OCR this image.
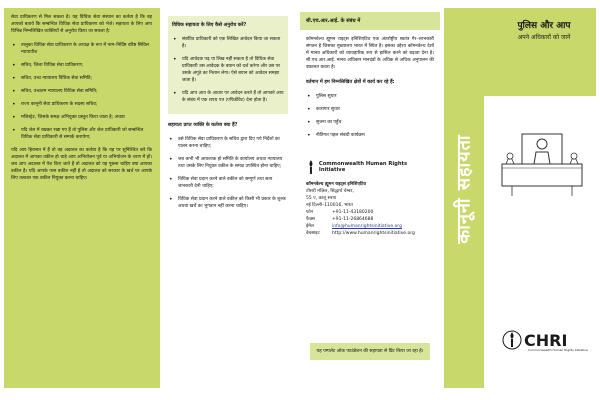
सेवा प्राधिकरण से मिल सकता है। यह विधिक सेवा संस्थान का कर्तव्य है कि वह आपको बताये कि सम्बन्धित विधिक सेवा प्राधिकरण को भेजे। सहायता के लिए आप विभिन्न निम्नलिखित व्यक्तियों से अनुरोध किया जा सकता है:

• तालुका विधिक सेवा प्राधिकरण के अध्यक्ष के रूप में नाम–निर्दिष्ट वरिष्ठ सिविल न्यायाधीश
• सचिव, जिला विधिक सेवा प्राधिकरण;
• सचिव, उच्च न्यायालय विधिक सेवा समिति;
• सचिव, उच्चतम न्यायालय विधिक सेवा समिति;
• राज्य कानूनी सेवा प्राधिकरण के सदस्य सचिव;
• मजिस्ट्रेट, जिसके समक्ष अभियुक्त प्रस्तुत किया जाता है; अथवा
• यदि जेल में रखकर रखा गए हैं तो पुलिस और जेल प्राधिकारी जो सम्बन्धित विधिक सेवा प्राधिकारी से सम्पर्क करायेगा;

यदि आप हिरासत में हैं तो वह अदालत का कर्तव्य है कि यह पर सुनिश्चित करे कि अदालत में आपका वकील हो चाहे आप अभियोजन पूर्व या अभियोजन के चरण में हों। जब आप अदालत में पेश किए जाते हैं तो अदालत को यह पूछना चाहिए क्या आपका वकील है। यदि आपके पास वकील नहीं है तो अदालत को सरकार के खर्च पर आपके लिए तत्काल एक वकील नियुक्त करना चाहिए।

विधिक सहायता के लिए कैसे अनुरोध करें?
• संबंधित प्राधिकारी को एक लिखित आवेदन किया जा सकता है।
• यदि आवेदक पढ़ या लिख नहीं सकता है तो विधिक सेवा प्राधिकारी उस आवेदक के बयान को दर्ज करेगा और उस पर उसके अंगूठे का निशान लेगा। ऐसे बयान को आवेदन समझा जाता है।
• यदि आप आय के आधार पर आवेदन करते हैं तो आपको आय के संबंध में एक शपथ पत्र (एफिडेविट) देना होता है।
सहायता प्राप्त व्यक्ति के कर्तव्य क्या हैं?
• उसे विधिक सेवा प्राधिकरण के सचिव द्वारा दिए गये निर्देशों का पालन करना चाहिए;
• जब कभी भी आवश्यक हो समिति के कार्यालय अथवा न्यायालय तथा उसके लिए नियुक्त वकील के समक्ष उपस्थित होना चाहिए;
• विधिक सेवा प्रदान करने वाले वकील को सम्पूर्ण तथा सत्य जानकारी देनी चाहिए;
• विधिक सेवा प्रदान करने वाले वकील को किसी भी प्रकार के शुल्क अथवा खर्चे का भुगतान नहीं करना चाहिए।
सी.एच.आर.आई. के संबंध में

कॉमनवेल्थ ह्यूमन राइट्स इनिशिएटिव एक अंतर्राष्ट्रीय स्वतंत्र गैर–लाभकारी संगठन है जिसका मुख्यालय भारत में स्थित है। इसका उद्देश्य कॉमनवेल्थ देशों में मानव अधिकारों को व्यावहारिक रूप से हासिल करने को बढ़ावा देना है। सी.एच.आर.आई. मानव अधिकार मानदंडों के अधिक से अधिक अनुपालन की वकालत करता है।

वर्तमान में हम निम्नलिखित क्षेत्रों में कार्य कर रहे हैं:
• पुलिस सुधार
• कारागार सुधार
• सूचना का पहुँच
• नीतिगत पहल संबंधी कार्यक्रम
Commonwealth Human Rights Initiative
कॉमनवेल्थ ह्यूमन राइट्स इनिशिएटिव
तीसरी मंज़िल, सिद्धार्थ चेम्बर,
55 ए, कालू सराय
नई दिल्ली–110016, भारत
फोन	+91-11-43180200
फैक्स	+91-11-26864688
ईमेल	info@humanrightsinitiative.org
वेबसाइट	http://www.humanrightsinitiative.org
यह पम्पलेट ओक फाउंडेशन की सहायता से प्रिंट किया जा रहा है।
पुलिस और आप
अपने अधिकारों को जानें
कानूनी सहायता
CHRI
Commonwealth Human Rights Initiative
